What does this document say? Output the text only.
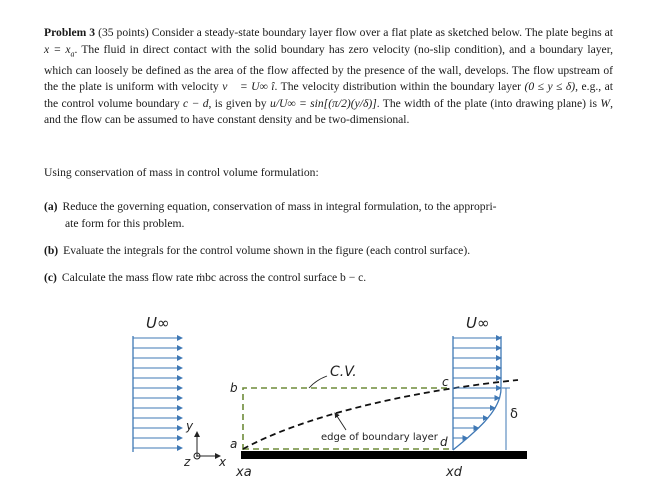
Problem 3 (35 points) Consider a steady-state boundary layer flow over a flat plate as sketched below. The plate begins at $x = x_a$. The fluid in direct contact with the solid boundary has zero velocity (no-slip condition), and a boundary layer, which can loosely be defined as the area of the flow affected by the presence of the wall, develops. The flow upstream of the the plate is uniform with velocity v⃗ = U∞ î. The velocity distribution within the boundary layer (0 ≤ y ≤ δ), e.g., at the control volume boundary c − d, is given by u/U∞ = sin[(π/2)(y/δ)]. The width of the plate (into drawing plane) is W, and the flow can be assumed to have constant density and be two-dimensional.
Using conservation of mass in control volume formulation:
(a) Reduce the governing equation, conservation of mass in integral formulation, to the appropri-
ate form for this problem.
(b) Evaluate the integrals for the control volume shown in the figure (each control surface).
(c) Calculate the mass flow rate ṁbc across the control surface b − c.
U∞
y
x
z
C.V.
edge of boundary layer
U∞
δ
b
a
c
d
xa	xd
